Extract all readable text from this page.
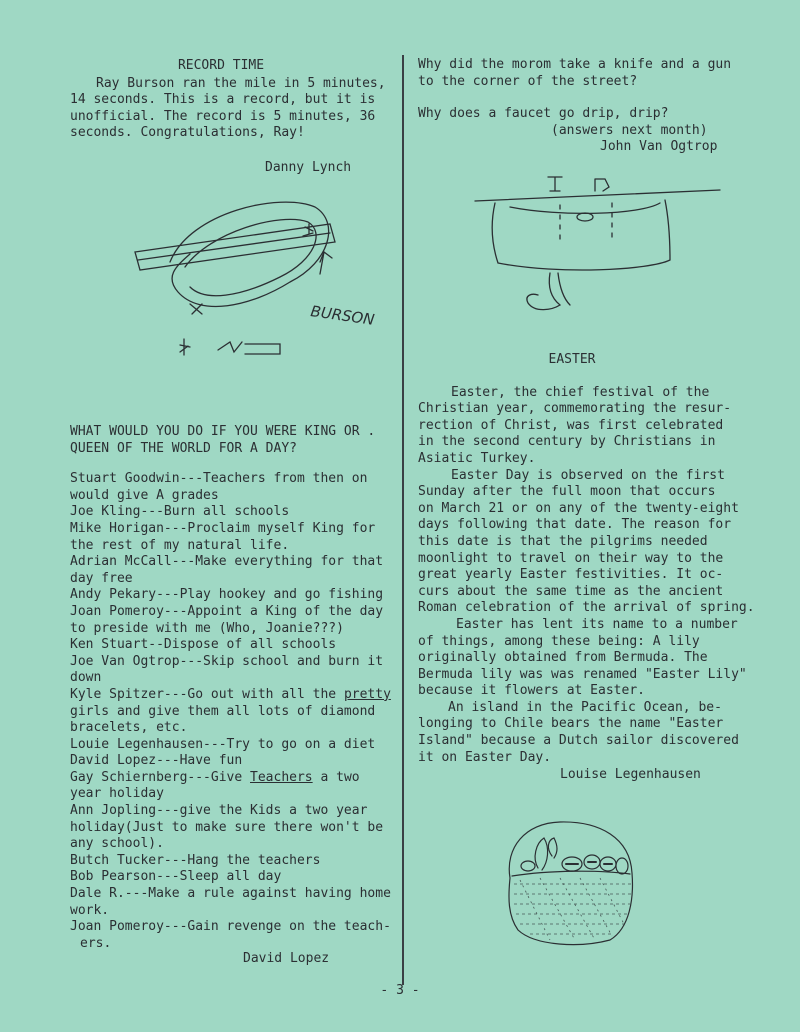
RECORD TIME

Ray Burson ran the mile in 5 minutes,

14 seconds. This is a record, but it is

unofficial. The record is 5 minutes, 36

seconds. Congratulations, Ray!

Danny Lynch

BURSON

WHAT WOULD YOU DO IF YOU WERE KING OR .

QUEEN OF THE WORLD FOR A DAY?

Stuart Goodwin---Teachers from then on

would give A grades

Joe Kling---Burn all schools

Mike Horigan---Proclaim myself King for

the rest of my natural life.

Adrian McCall---Make everything for that

day free

Andy Pekary---Play hookey and go fishing

Joan Pomeroy---Appoint a King of the day

to preside with me (Who, Joanie???)

Ken Stuart--Dispose of all schools

Joe Van Ogtrop---Skip school and burn it

down

Kyle Spitzer---Go out with all the pretty

girls and give them all lots of diamond

bracelets, etc.

Louie Legenhausen---Try to go on a diet

David Lopez---Have fun

Gay Schiernberg---Give Teachers a two

year holiday

Ann Jopling---give the Kids a two year

holiday(Just to make sure there won't be

any school).

Butch Tucker---Hang the teachers

Bob Pearson---Sleep all day

Dale R.---Make a rule against having home

work.

Joan Pomeroy---Gain revenge on the teach-

ers.

David Lopez

Why did the morom take a knife and a gun

to the corner of the street?

Why does a faucet go drip, drip?

(answers next month)

John Van Ogtrop

EASTER

Easter, the chief festival of the

Christian year, commemorating the resur-

rection of Christ, was first celebrated

in the second century by Christians in

Asiatic Turkey.

Easter Day is observed on the first

Sunday after the full moon that occurs

on March 21 or on any of the twenty-eight

days following that date. The reason for

this date is that the pilgrims needed

moonlight to travel on their way to the

great yearly Easter festivities. It oc-

curs about the same time as the ancient

Roman celebration of the arrival of spring.

Easter has lent its name to a number

of things, among these being: A lily

originally obtained from Bermuda. The

Bermuda lily was was renamed "Easter Lily"

because it flowers at Easter.

An island in the Pacific Ocean, be-

longing to Chile bears the name "Easter

Island" because a Dutch sailor discovered

it on Easter Day.

Louise Legenhausen

- 3 -
